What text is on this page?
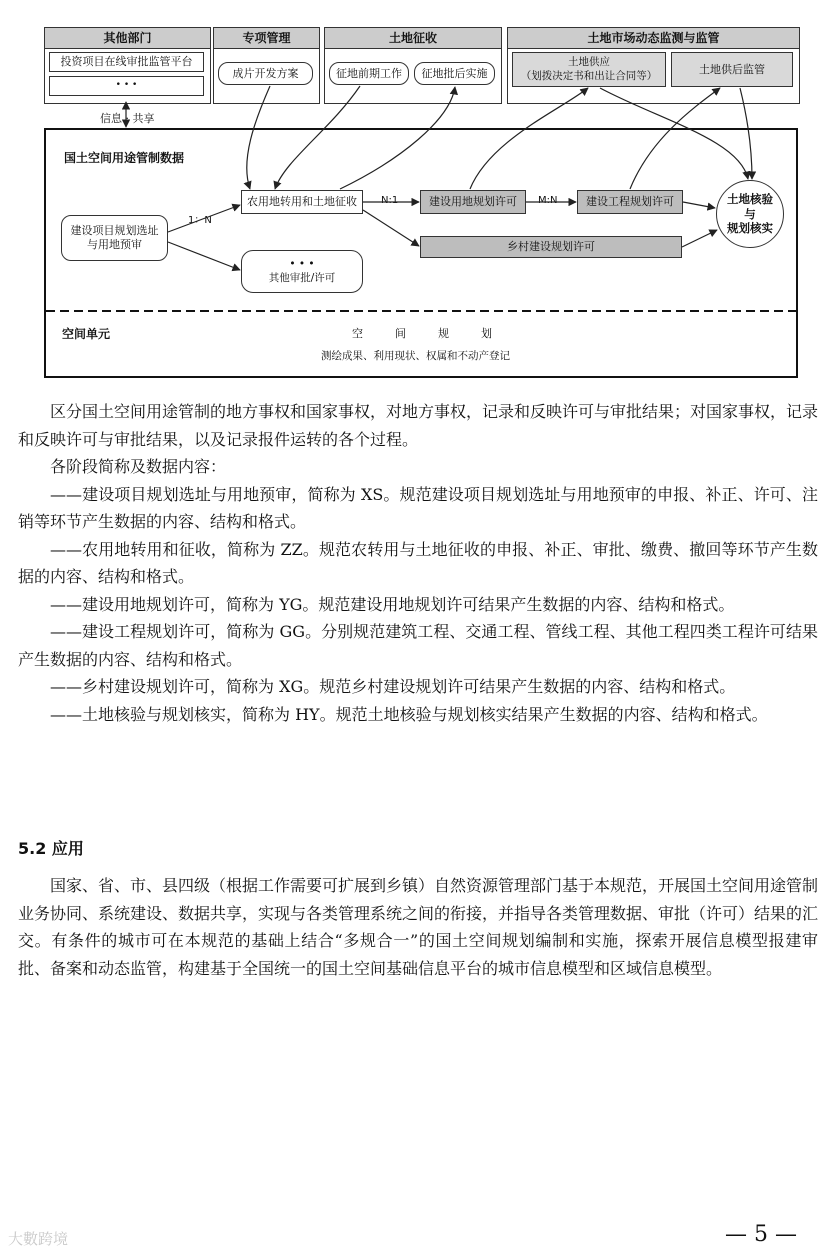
其他部门
投资项目在线审批监管平台
• • •
专项管理
成片开发方案
土地征收
征地前期工作	征地批后实施
土地市场动态监测与监管
土地供应
（划拨决定书和出让合同等）	土地供后监管
信息 · 共享
国土空间用途管制数据
建设项目规划选址
与用地预审
农用地转用和土地征收
• • •
其他审批/许可
建设用地规划许可	建设工程规划许可
乡村建设规划许可
土地核验
与
规划核实
1：N
N:1	M:N
空间单元	空	间	规	划
测绘成果、利用现状、权属和不动产登记

区分国土空间用途管制的地方事权和国家事权，对地方事权，记录和反映许可与审批结果；对国家事权，记录和反映许可与审批结果，以及记录报件运转的各个过程。

各阶段简称及数据内容：

——建设项目规划选址与用地预审，简称为 XS。规范建设项目规划选址与用地预审的申报、补正、许可、注销等环节产生数据的内容、结构和格式。

——农用地转用和征收，简称为 ZZ。规范农转用与土地征收的申报、补正、审批、缴费、撤回等环节产生数据的内容、结构和格式。

——建设用地规划许可，简称为 YG。规范建设用地规划许可结果产生数据的内容、结构和格式。

——建设工程规划许可，简称为 GG。分别规范建筑工程、交通工程、管线工程、其他工程四类工程许可结果产生数据的内容、结构和格式。

——乡村建设规划许可，简称为 XG。规范乡村建设规划许可结果产生数据的内容、结构和格式。

——土地核验与规划核实，简称为 HY。规范土地核验与规划核实结果产生数据的内容、结构和格式。

5.2 应用

国家、省、市、县四级（根据工作需要可扩展到乡镇）自然资源管理部门基于本规范，开展国土空间用途管制业务协同、系统建设、数据共享，实现与各类管理系统之间的衔接，并指导各类管理数据、审批（许可）结果的汇交。有条件的城市可在本规范的基础上结合“多规合一”的国土空间规划编制和实施，探索开展信息模型报建审批、备案和动态监管，构建基于全国统一的国土空间基础信息平台的城市信息模型和区域信息模型。

大數跨境	— 5 —
